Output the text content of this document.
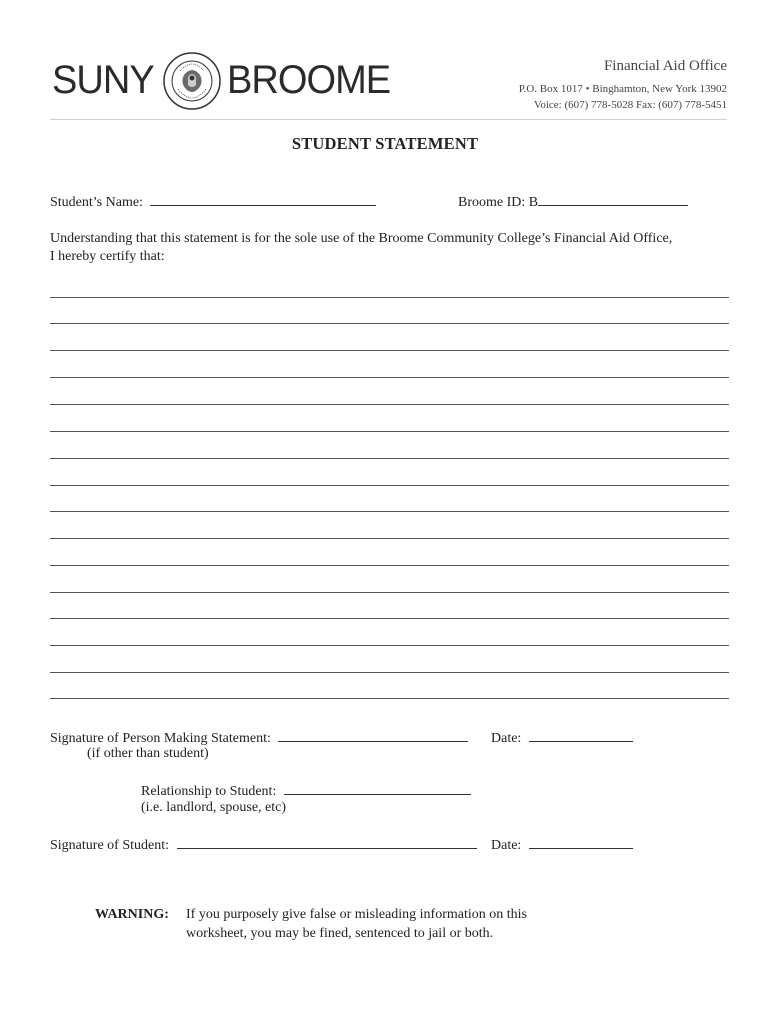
SUNY BROOME	Financial Aid Office
P.O. Box 1017 • Binghamton, New York 13902
Voice: (607) 778-5028 Fax: (607) 778-5451
STUDENT STATEMENT
Student’s Name:	Broome ID: B
Understanding that this statement is for the sole use of the Broome Community College’s Financial Aid Office,
I hereby certify that:
Signature of Person Making Statement:	Date:
(if other than student)
Relationship to Student:
(i.e. landlord, spouse, etc)
Signature of Student:	Date:
WARNING: If you purposely give false or misleading information on this
worksheet, you may be fined, sentenced to jail or both.
